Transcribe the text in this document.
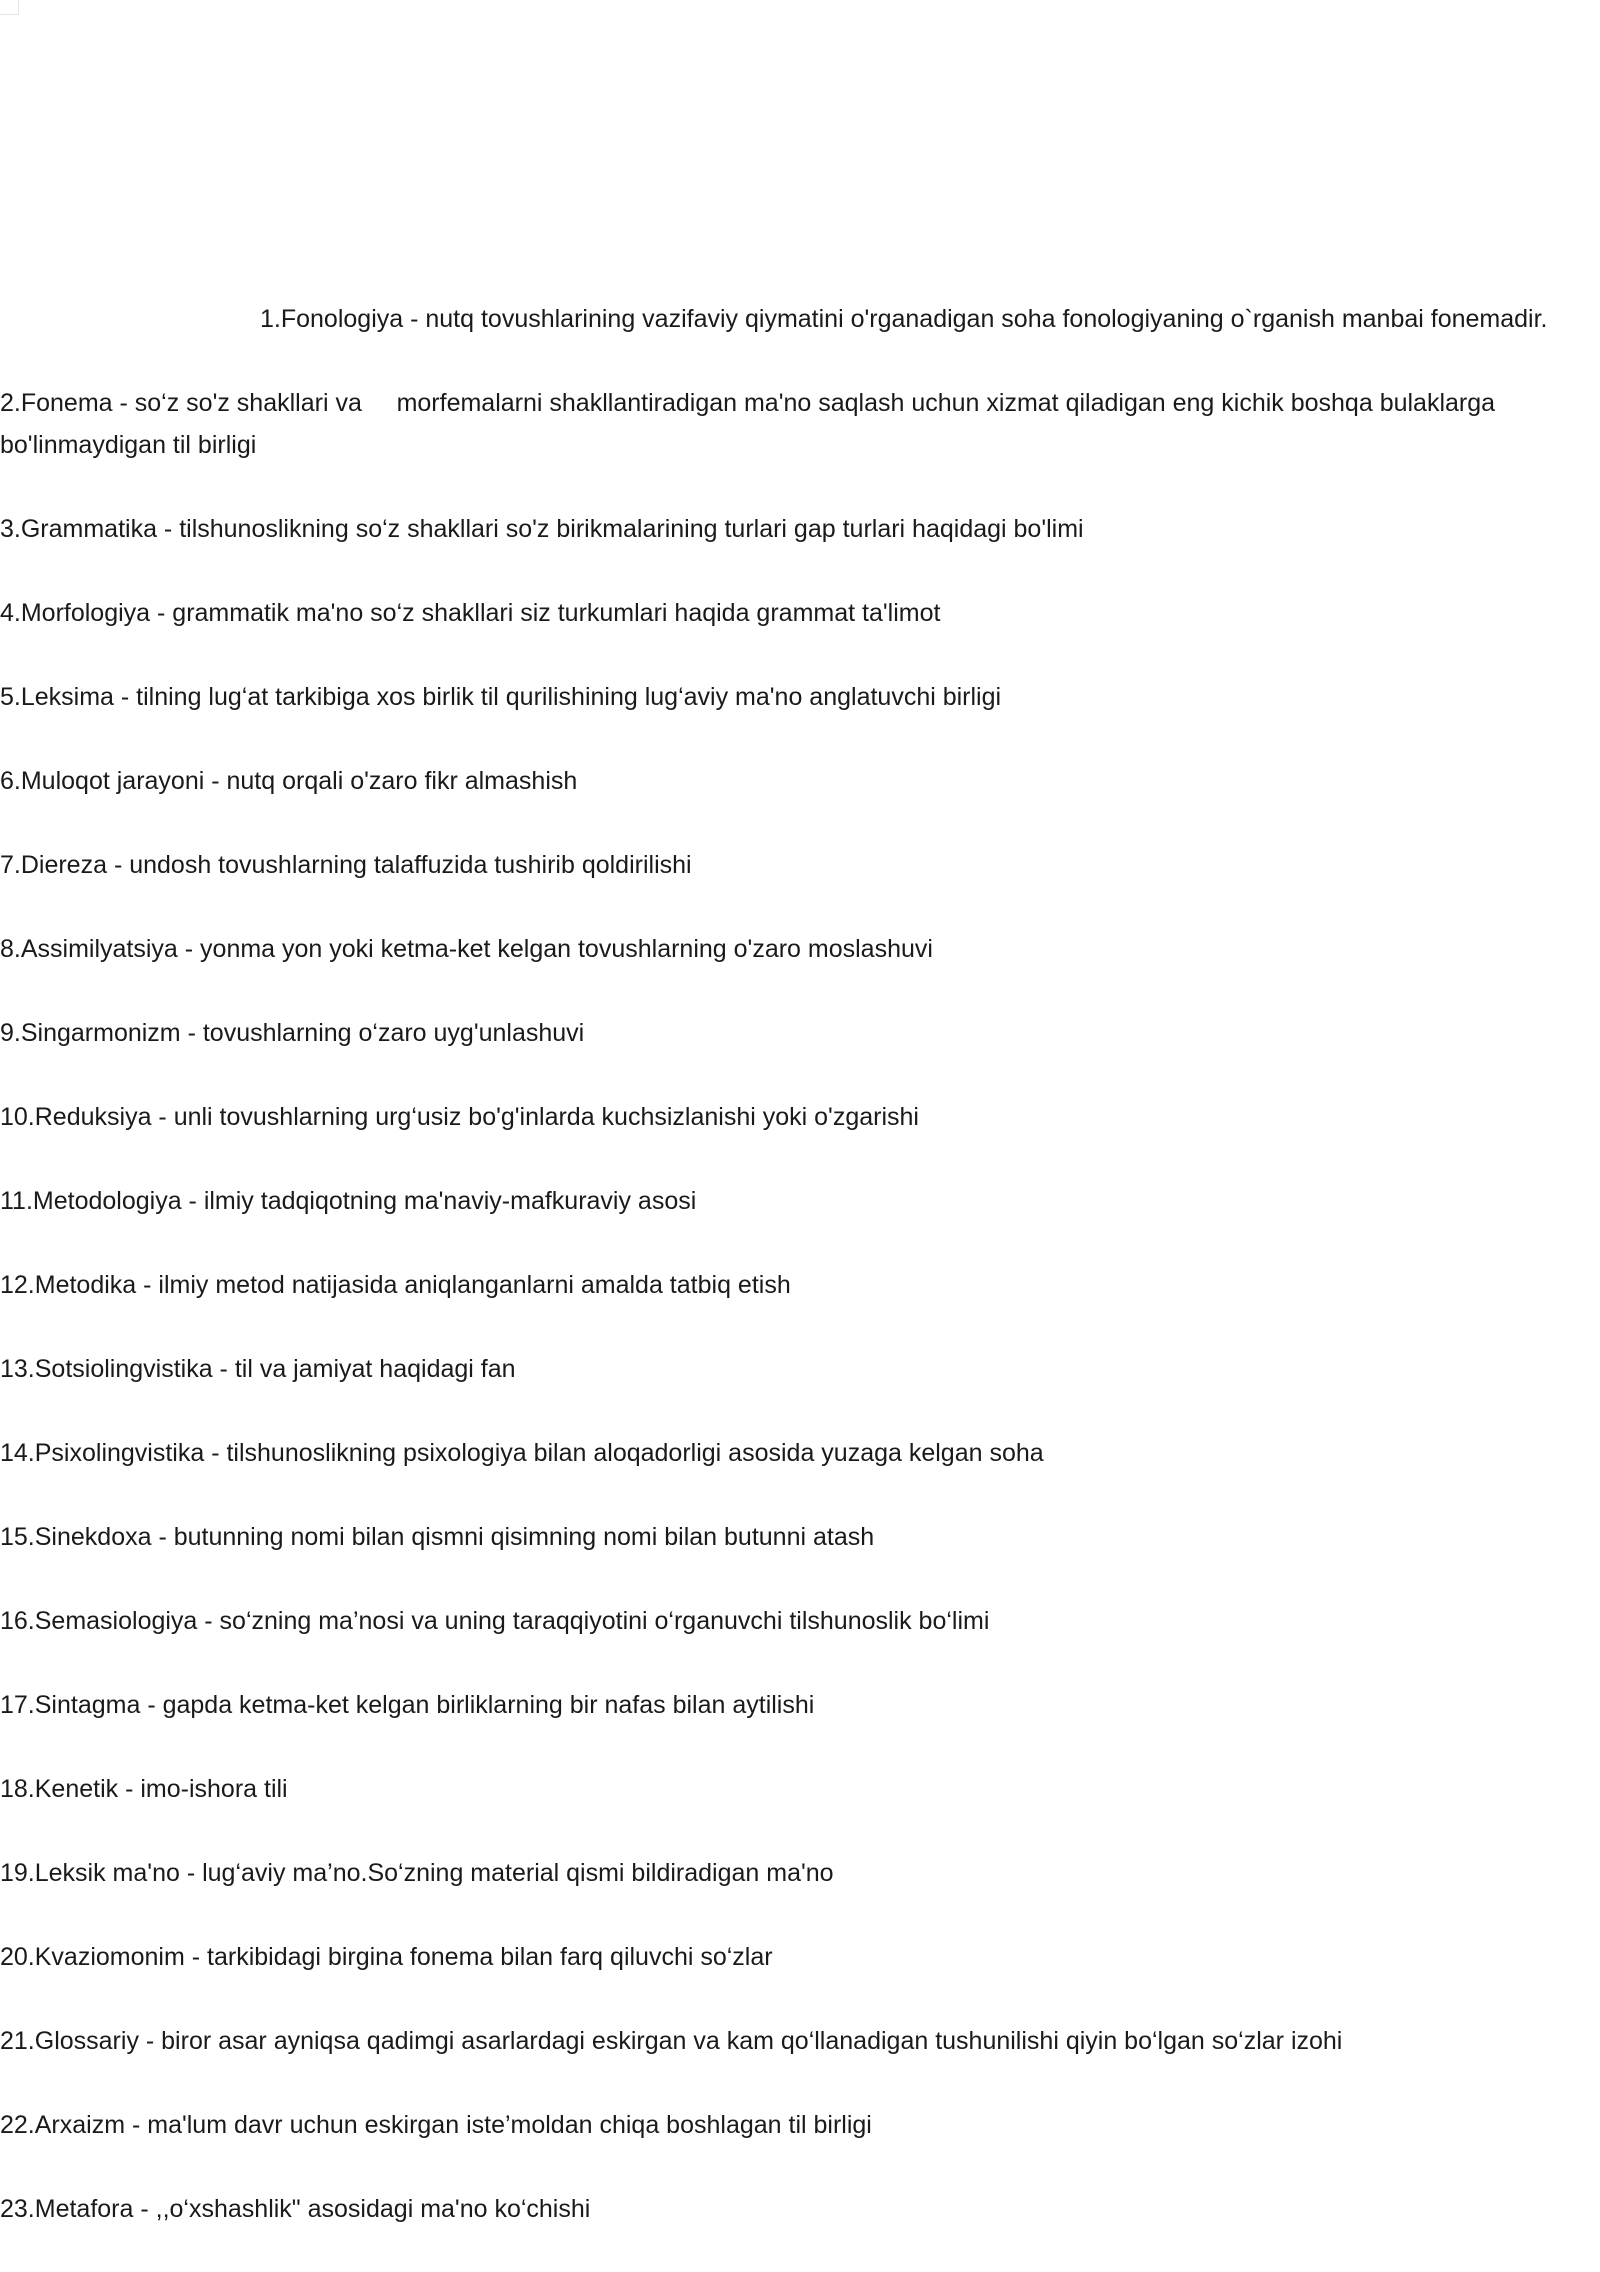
1.Fonologiya - nutq tovushlarining vazifaviy qiymatini o'rganadigan soha fonologiyaning o`rganish manbai fonemadir.

2.Fonema - so‘z so'z shakllari va     morfemalarni shakllantiradigan ma'no saqlash uchun xizmat qiladigan eng kichik boshqa bulaklarga bo'linmaydigan til birligi

3.Grammatika - tilshunoslikning so‘z shakllari so'z birikmalarining turlari gap turlari haqidagi bo'limi

4.Morfologiya - grammatik ma'no so‘z shakllari siz turkumlari haqida grammat ta'limot

5.Leksima - tilning lug‘at tarkibiga xos birlik til qurilishining lug‘aviy ma'no anglatuvchi birligi

6.Muloqot jarayoni - nutq orqali o'zaro fikr almashish

7.Diereza - undosh tovushlarning talaffuzida tushirib qoldirilishi

8.Assimilyatsiya - yonma yon yoki ketma-ket kelgan tovushlarning o'zaro moslashuvi

9.Singarmonizm - tovushlarning o‘zaro uyg'unlashuvi

10.Reduksiya - unli tovushlarning urg‘usiz bo'g'inlarda kuchsizlanishi yoki o'zgarishi

11.Metodologiya - ilmiy tadqiqotning ma'naviy-mafkuraviy asosi

12.Metodika - ilmiy metod natijasida aniqlanganlarni amalda tatbiq etish

13.Sotsiolingvistika - til va jamiyat haqidagi fan

14.Psixolingvistika - tilshunoslikning psixologiya bilan aloqadorligi asosida yuzaga kelgan soha

15.Sinekdoxa - butunning nomi bilan qismni qisimning nomi bilan butunni atash

16.Semasiologiya - so‘zning ma’nosi va uning taraqqiyotini o‘rganuvchi tilshunoslik bo‘limi

17.Sintagma - gapda ketma-ket kelgan birliklarning bir nafas bilan aytilishi

18.Kenetik - imo-ishora tili

19.Leksik ma'no - lug‘aviy ma’no.So‘zning material qismi bildiradigan ma'no

20.Kvaziomonim - tarkibidagi birgina fonema bilan farq qiluvchi so‘zlar

21.Glossariy - biror asar ayniqsa qadimgi asarlardagi eskirgan va kam qo‘llanadigan tushunilishi qiyin bo‘lgan so‘zlar izohi

22.Arxaizm - ma'lum davr uchun eskirgan iste’moldan chiqa boshlagan til birligi

23.Metafora - ,,o‘xshashlik" asosidagi ma'no ko‘chishi
